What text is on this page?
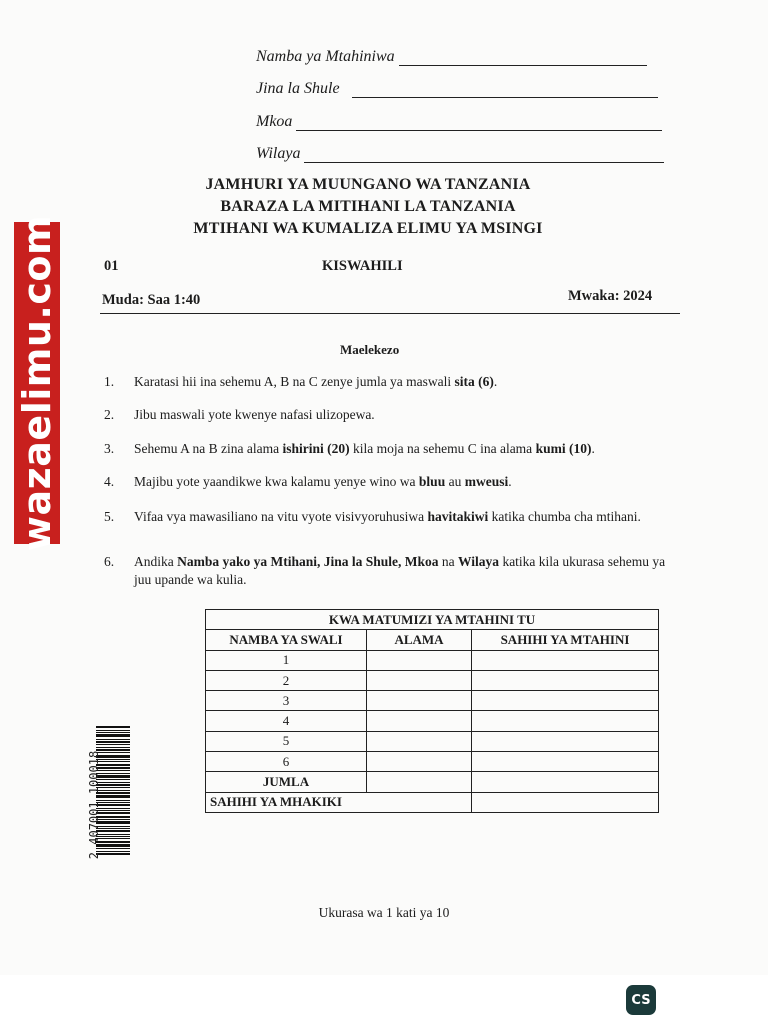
Namba ya Mtahiniwa
Jina la Shule
Mkoa
Wilaya
JAMHURI YA MUUNGANO WA TANZANIA
BARAZA LA MITIHANI LA TANZANIA
MTIHANI WA KUMALIZA ELIMU YA MSINGI
01	KISWAHILI
Muda: Saa 1:40	Mwaka: 2024
Maelekezo
1.	Karatasi hii ina sehemu A, B na C zenye jumla ya maswali sita (6).
2.	Jibu maswali yote kwenye nafasi ulizopewa.
3.	Sehemu A na B zina alama ishirini (20) kila moja na sehemu C ina alama kumi (10).
4.	Majibu yote yaandikwe kwa kalamu yenye wino wa bluu au mweusi.
5.	Vifaa vya mawasiliano na vitu vyote visivyoruhusiwa havitakiwi katika chumba cha mtihani.
6.	Andika Namba yako ya Mtihani, Jina la Shule, Mkoa na Wilaya katika kila ukurasa sehemu ya juu upande wa kulia.
KWA MATUMIZI YA MTAHINI TU		
NAMBA YA SWALI	ALAMA	SAHIHI YA MTAHINI
1		
2		
3		
4		
5		
6		
JUMLA		
SAHIHI YA MHAKIKI		
2 407001 100018
wazaelimu.com
Ukurasa wa 1 kati ya 10
CS
